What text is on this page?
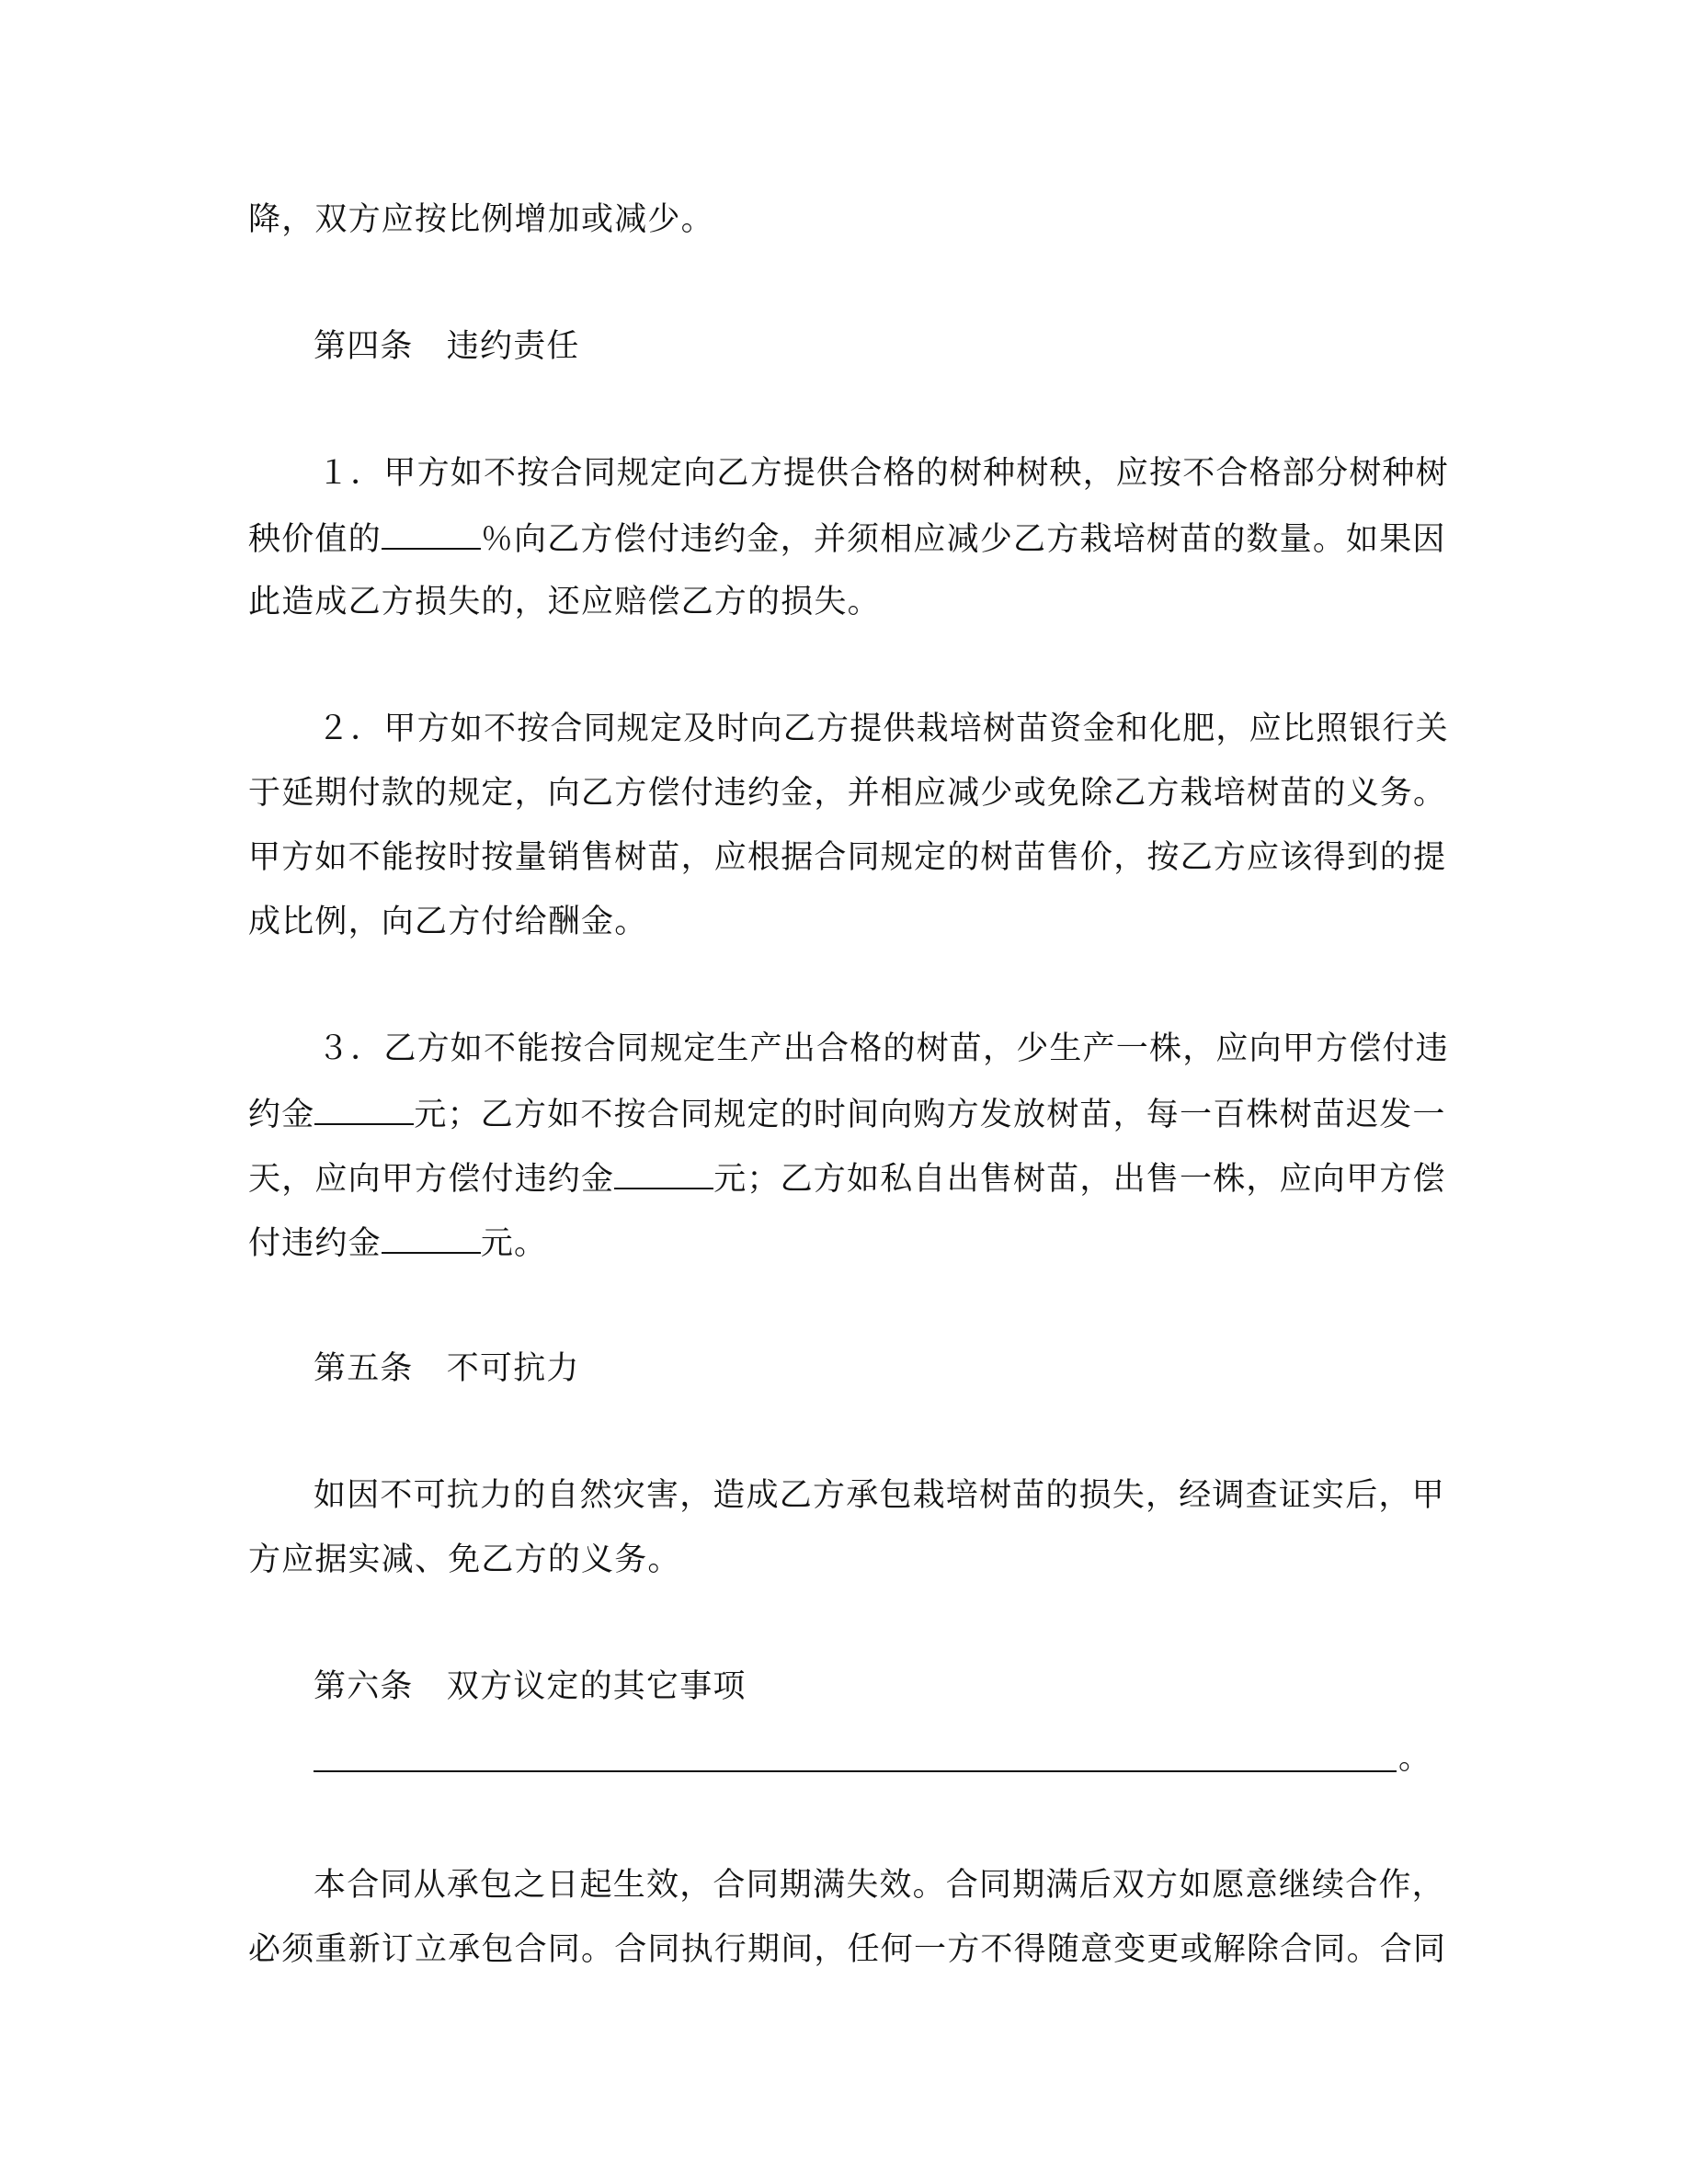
降，双方应按比例增加或减少。
第四条　违约责任
１．甲方如不按合同规定向乙方提供合格的树种树秧，应按不合格部分树种树
秧价值的	％向乙方偿付违约金，并须相应减少乙方栽培树苗的数量。如果因
此造成乙方损失的，还应赔偿乙方的损失。
２．甲方如不按合同规定及时向乙方提供栽培树苗资金和化肥，应比照银行关
于延期付款的规定，向乙方偿付违约金，并相应减少或免除乙方栽培树苗的义务。
甲方如不能按时按量销售树苗，应根据合同规定的树苗售价，按乙方应该得到的提
成比例，向乙方付给酬金。
３．乙方如不能按合同规定生产出合格的树苗，少生产一株，应向甲方偿付违
约金	元；乙方如不按合同规定的时间向购方发放树苗，每一百株树苗迟发一
天，应向甲方偿付违约金	元；乙方如私自出售树苗，出售一株，应向甲方偿
付违约金	元。
第五条　不可抗力
如因不可抗力的自然灾害，造成乙方承包栽培树苗的损失，经调查证实后，甲
方应据实减、免乙方的义务。
第六条　双方议定的其它事项
。
本合同从承包之日起生效，合同期满失效。合同期满后双方如愿意继续合作，
必须重新订立承包合同。合同执行期间，任何一方不得随意变更或解除合同。合同
